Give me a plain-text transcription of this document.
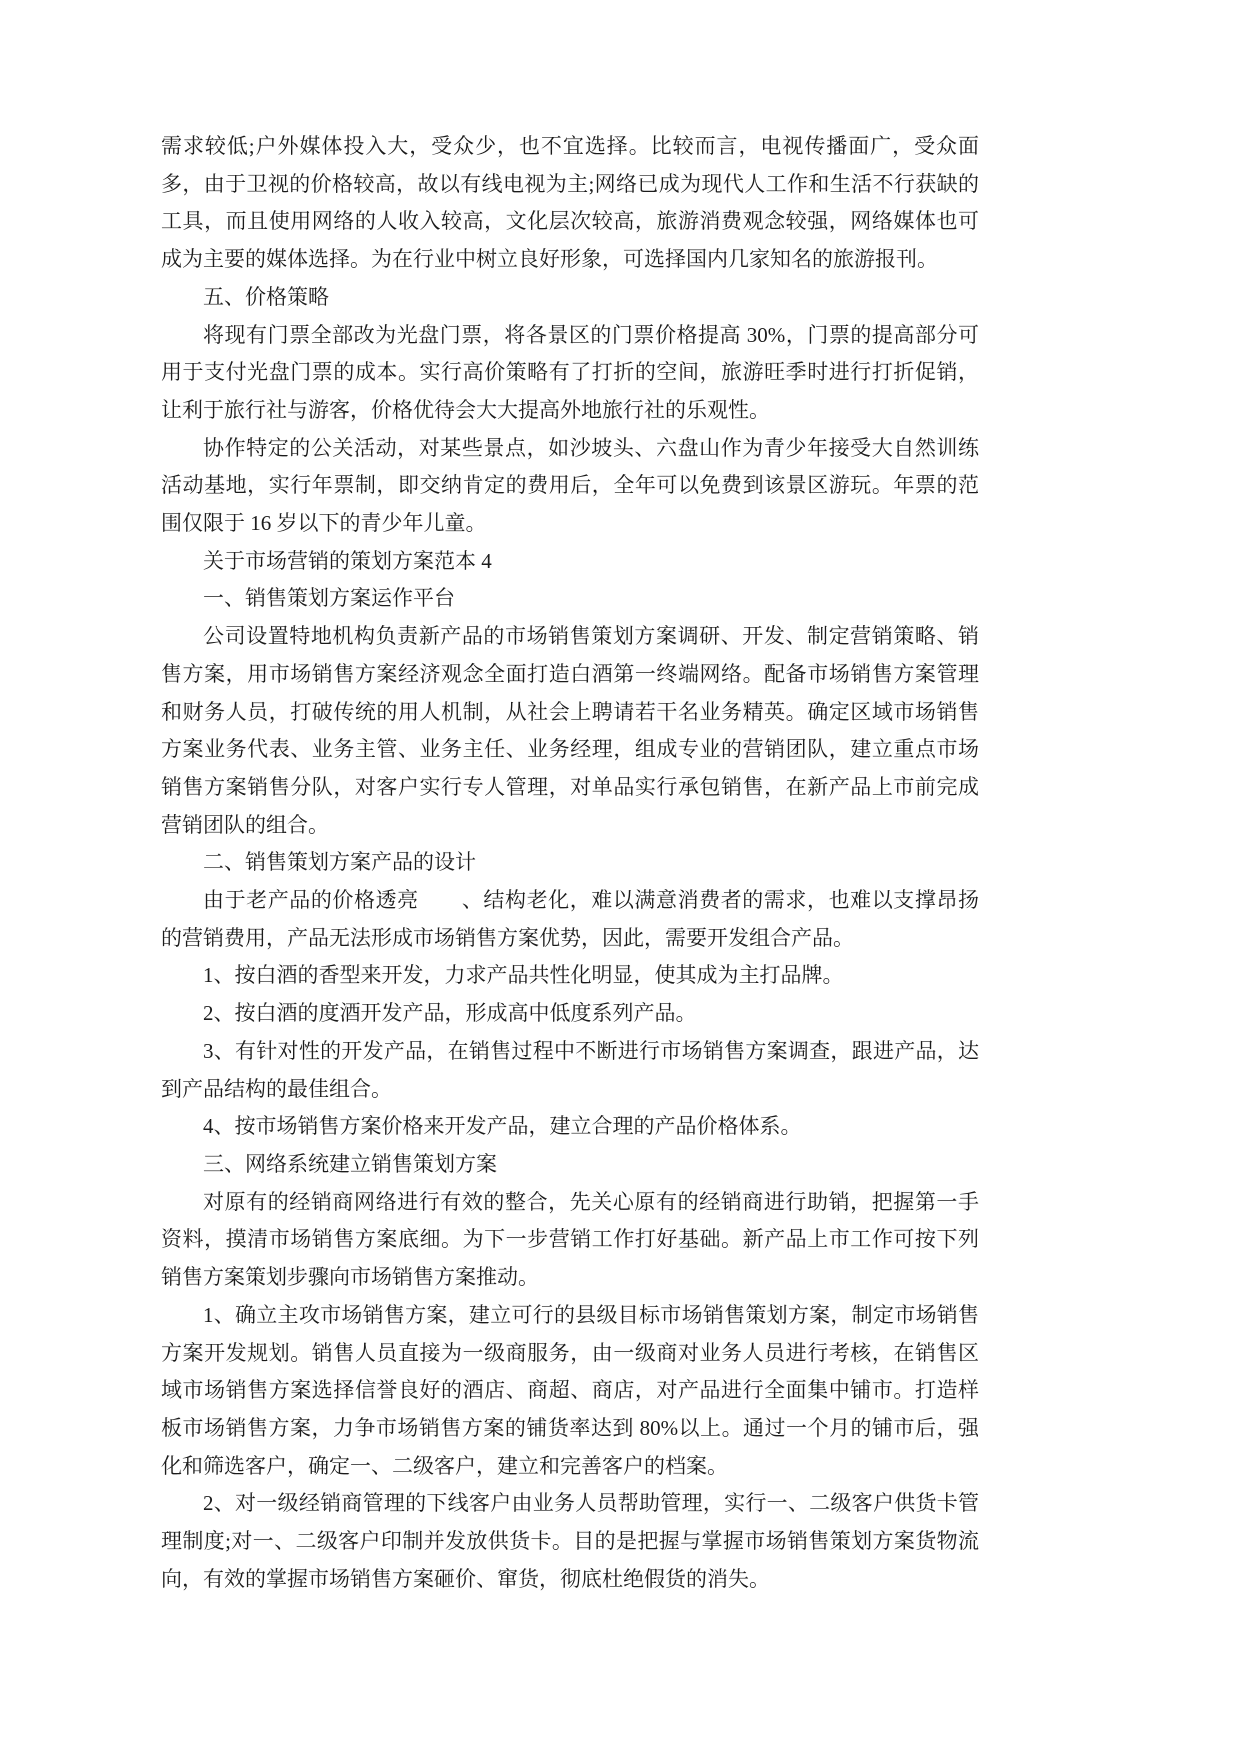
需求较低;户外媒体投入大，受众少，也不宜选择。比较而言，电视传播面广，受众面多，由于卫视的价格较高，故以有线电视为主;网络已成为现代人工作和生活不行获缺的工具，而且使用网络的人收入较高，文化层次较高，旅游消费观念较强，网络媒体也可成为主要的媒体选择。为在行业中树立良好形象，可选择国内几家知名的旅游报刊。

五、价格策略

将现有门票全部改为光盘门票，将各景区的门票价格提高 30%，门票的提高部分可用于支付光盘门票的成本。实行高价策略有了打折的空间，旅游旺季时进行打折促销，让利于旅行社与游客，价格优待会大大提高外地旅行社的乐观性。

协作特定的公关活动，对某些景点，如沙坡头、六盘山作为青少年接受大自然训练活动基地，实行年票制，即交纳肯定的费用后，全年可以免费到该景区游玩。年票的范围仅限于 16 岁以下的青少年儿童。

关于市场营销的策划方案范本 4

一、销售策划方案运作平台

公司设置特地机构负责新产品的市场销售策划方案调研、开发、制定营销策略、销售方案，用市场销售方案经济观念全面打造白酒第一终端网络。配备市场销售方案管理和财务人员，打破传统的用人机制，从社会上聘请若干名业务精英。确定区域市场销售方案业务代表、业务主管、业务主任、业务经理，组成专业的营销团队，建立重点市场销售方案销售分队，对客户实行专人管理，对单品实行承包销售，在新产品上市前完成营销团队的组合。

二、销售策划方案产品的设计

由于老产品的价格透亮　　、结构老化，难以满意消费者的需求，也难以支撑昂扬的营销费用，产品无法形成市场销售方案优势，因此，需要开发组合产品。

1、按白酒的香型来开发，力求产品共性化明显，使其成为主打品牌。

2、按白酒的度酒开发产品，形成高中低度系列产品。

3、有针对性的开发产品，在销售过程中不断进行市场销售方案调查，跟进产品，达到产品结构的最佳组合。

4、按市场销售方案价格来开发产品，建立合理的产品价格体系。

三、网络系统建立销售策划方案

对原有的经销商网络进行有效的整合，先关心原有的经销商进行助销，把握第一手资料，摸清市场销售方案底细。为下一步营销工作打好基础。新产品上市工作可按下列销售方案策划步骤向市场销售方案推动。

1、确立主攻市场销售方案，建立可行的县级目标市场销售策划方案，制定市场销售方案开发规划。销售人员直接为一级商服务，由一级商对业务人员进行考核，在销售区域市场销售方案选择信誉良好的酒店、商超、商店，对产品进行全面集中铺市。打造样板市场销售方案，力争市场销售方案的铺货率达到 80%以上。通过一个月的铺市后，强化和筛选客户，确定一、二级客户，建立和完善客户的档案。

2、对一级经销商管理的下线客户由业务人员帮助管理，实行一、二级客户供货卡管理制度;对一、二级客户印制并发放供货卡。目的是把握与掌握市场销售策划方案货物流向，有效的掌握市场销售方案砸价、窜货，彻底杜绝假货的消失。
